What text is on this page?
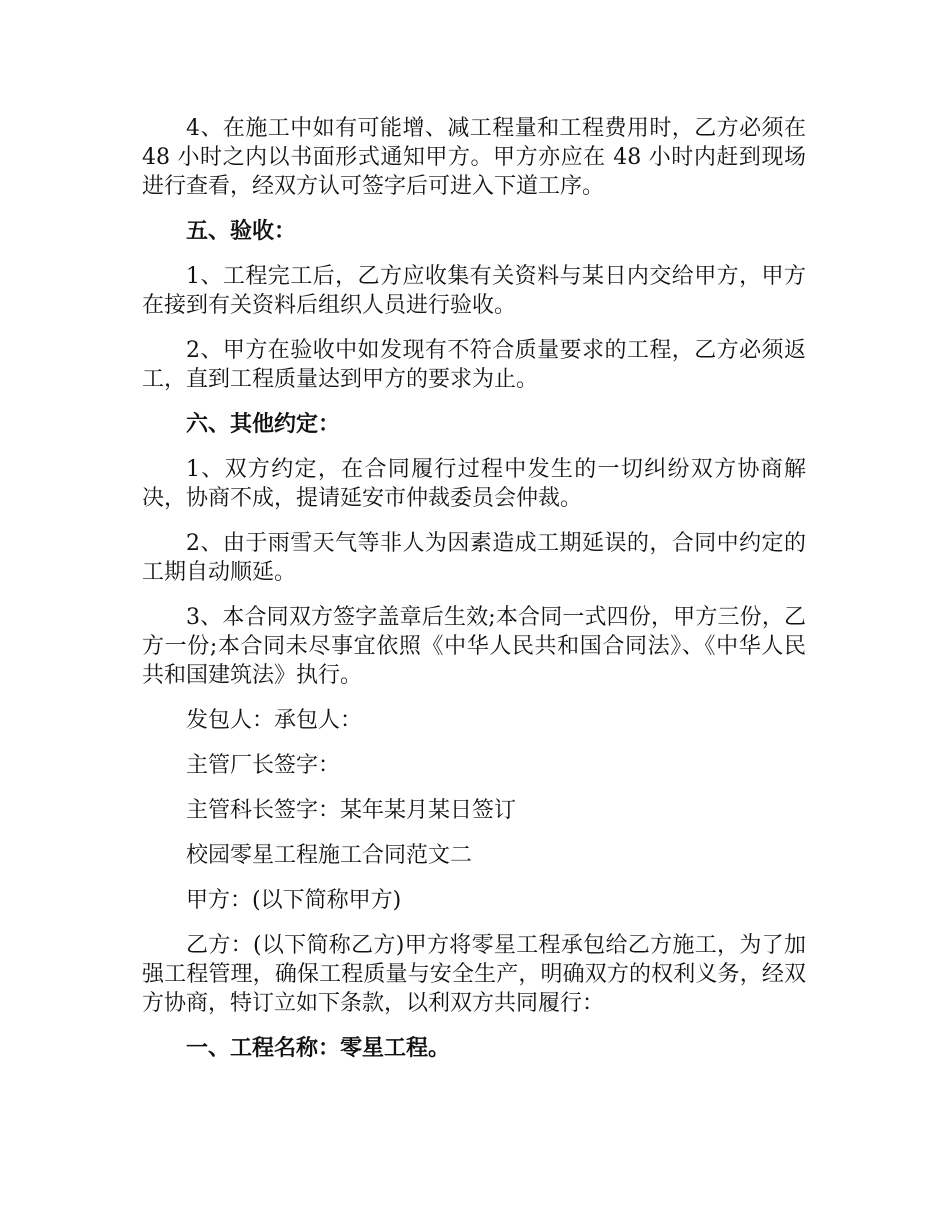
4、在施工中如有可能增、减工程量和工程费用时，乙方必须在 48 小时之内以书面形式通知甲方。甲方亦应在 48 小时内赶到现场进行查看，经双方认可签字后可进入下道工序。

五、验收：

1、工程完工后，乙方应收集有关资料与某日内交给甲方，甲方在接到有关资料后组织人员进行验收。

2、甲方在验收中如发现有不符合质量要求的工程，乙方必须返工，直到工程质量达到甲方的要求为止。

六、其他约定：

1、双方约定，在合同履行过程中发生的一切纠纷双方协商解决，协商不成，提请延安市仲裁委员会仲裁。

2、由于雨雪天气等非人为因素造成工期延误的，合同中约定的工期自动顺延。

3、本合同双方签字盖章后生效;本合同一式四份，甲方三份，乙方一份;本合同未尽事宜依照《中华人民共和国合同法》、《中华人民共和国建筑法》执行。

发包人：承包人：

主管厂长签字：

主管科长签字：某年某月某日签订

校园零星工程施工合同范文二

甲方：(以下简称甲方)

乙方：(以下简称乙方)甲方将零星工程承包给乙方施工，为了加强工程管理，确保工程质量与安全生产，明确双方的权利义务，经双方协商，特订立如下条款，以利双方共同履行：

一、工程名称：零星工程。
